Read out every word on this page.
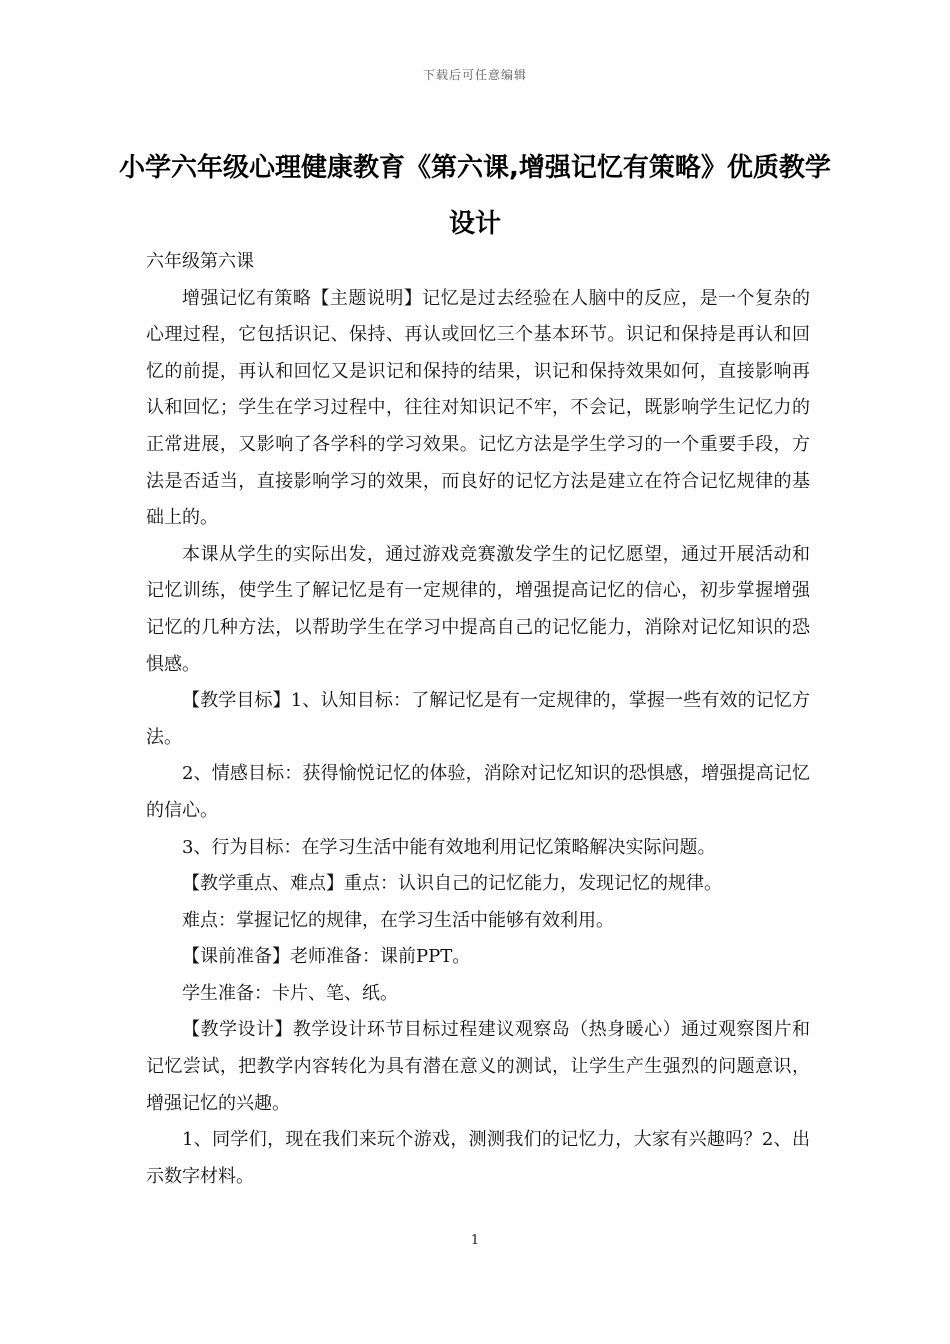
下载后可任意编辑
小学六年级心理健康教育《第六课,增强记忆有策略》优质教学设计

六年级第六课

增强记忆有策略【主题说明】记忆是过去经验在人脑中的反应，是一个复杂的心理过程，它包括识记、保持、再认或回忆三个基本环节。识记和保持是再认和回忆的前提，再认和回忆又是识记和保持的结果，识记和保持效果如何，直接影响再认和回忆；学生在学习过程中，往往对知识记不牢，不会记，既影响学生记忆力的正常进展，又影响了各学科的学习效果。记忆方法是学生学习的一个重要手段，方法是否适当，直接影响学习的效果，而良好的记忆方法是建立在符合记忆规律的基础上的。

本课从学生的实际出发，通过游戏竞赛激发学生的记忆愿望，通过开展活动和记忆训练，使学生了解记忆是有一定规律的，增强提高记忆的信心，初步掌握增强记忆的几种方法，以帮助学生在学习中提高自己的记忆能力，消除对记忆知识的恐惧感。

【教学目标】1、认知目标：了解记忆是有一定规律的，掌握一些有效的记忆方法。

2、情感目标：获得愉悦记忆的体验，消除对记忆知识的恐惧感，增强提高记忆的信心。

3、行为目标：在学习生活中能有效地利用记忆策略解决实际问题。

【教学重点、难点】重点：认识自己的记忆能力，发现记忆的规律。

难点：掌握记忆的规律，在学习生活中能够有效利用。

【课前准备】老师准备：课前PPT。

学生准备：卡片、笔、纸。

【教学设计】教学设计环节目标过程建议观察岛（热身暖心）通过观察图片和记忆尝试，把教学内容转化为具有潜在意义的测试，让学生产生强烈的问题意识，增强记忆的兴趣。

1、同学们，现在我们来玩个游戏，测测我们的记忆力，大家有兴趣吗？2、出示数字材料。

1
